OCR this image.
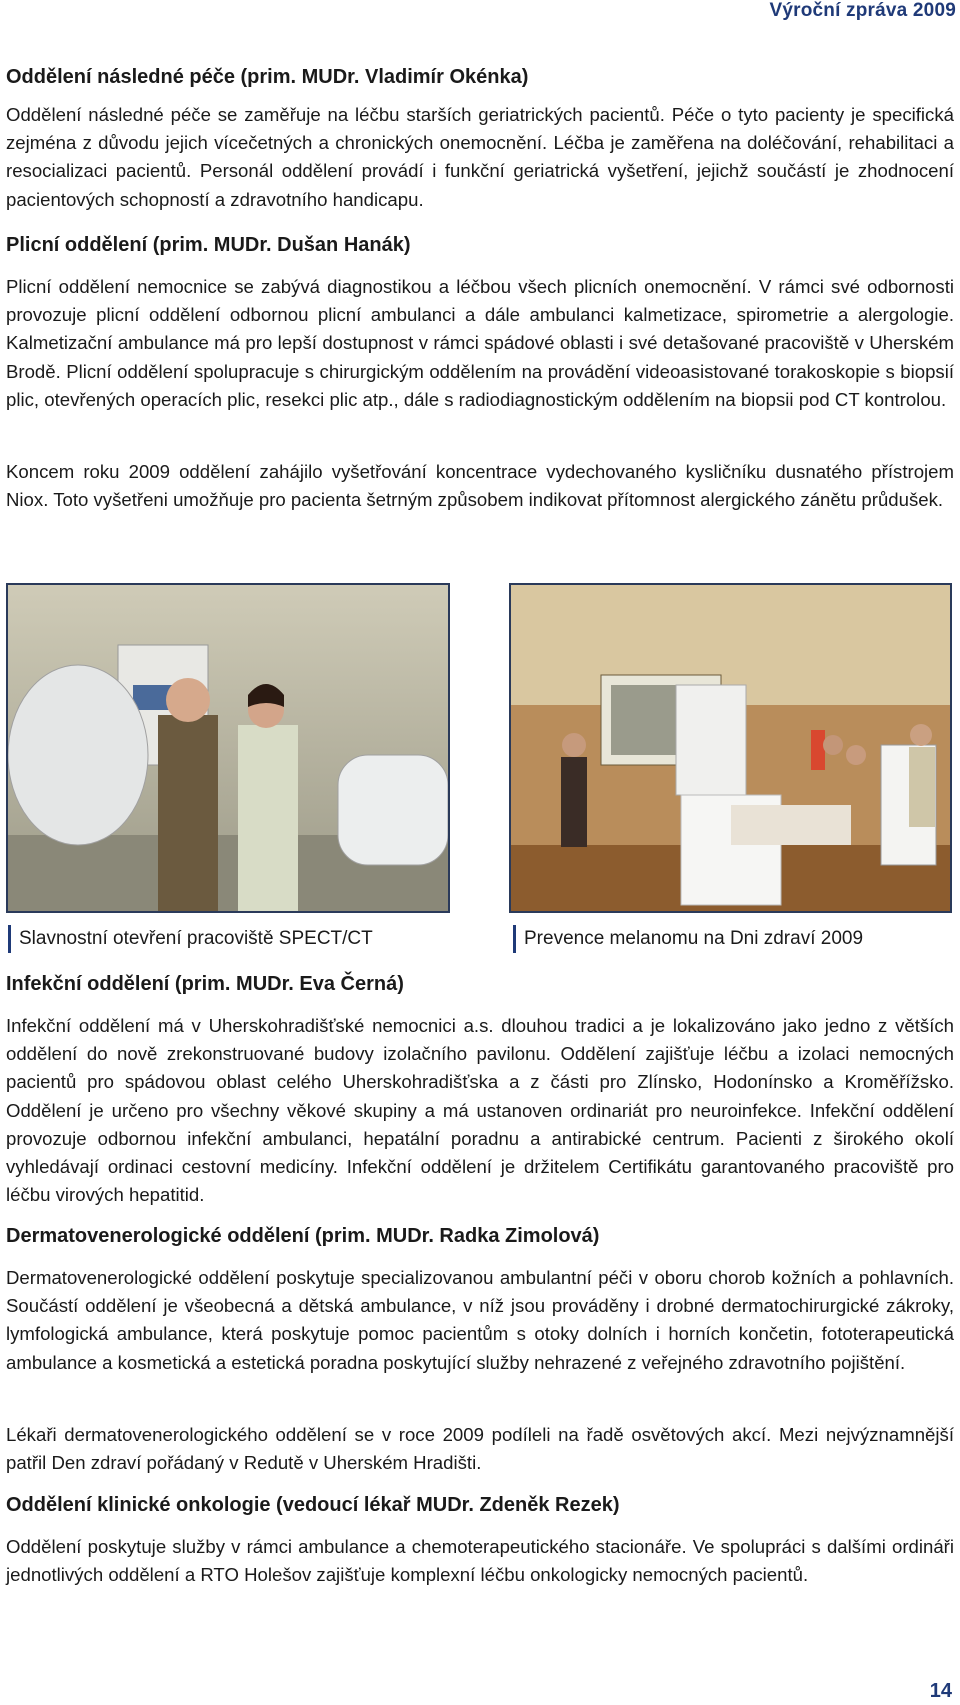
Výroční zpráva 2009
Oddělení následné péče (prim. MUDr. Vladimír Okénka)

Oddělení následné péče se zaměřuje na léčbu starších geriatrických pacientů. Péče o tyto pacienty je specifická zejména z důvodu jejich vícečetných a chronických onemocnění. Léčba je zaměřena na doléčování, rehabilitaci a resocializaci pacientů. Personál oddělení provádí i funkční geriatrická vyšetření, jejichž součástí je zhodnocení pacientových schopností a zdravotního handicapu.

Plicní oddělení (prim. MUDr. Dušan Hanák)

Plicní oddělení nemocnice se zabývá diagnostikou a léčbou všech plicních onemocnění. V rámci své odbornosti provozuje plicní oddělení odbornou plicní ambulanci a dále ambulanci kalmetizace, spirometrie a alergologie. Kalmetizační ambulance má pro lepší dostupnost v rámci spádové oblasti i své detašované pracoviště v Uherském Brodě. Plicní oddělení spolupracuje s chirurgickým oddělením na provádění videoasistované torakoskopie s biopsií plic, otevřených operacích plic, resekci plic atp., dále s radiodiagnostickým oddělením na biopsii pod CT kontrolou.

Koncem roku 2009 oddělení zahájilo vyšetřování koncentrace vydechovaného kysličníku dusnatého přístrojem Niox. Toto vyšetřeni umožňuje pro pacienta šetrným způsobem indikovat přítomnost alergického zánětu průdušek.

Slavnostní otevření pracoviště SPECT/CT	Prevence melanomu na Dni zdraví 2009
Infekční oddělení (prim. MUDr. Eva Černá)

Infekční oddělení má v Uherskohradišťské nemocnici a.s. dlouhou tradici a je lokalizováno jako jedno z větších oddělení do nově zrekonstruované budovy izolačního pavilonu. Oddělení zajišťuje léčbu a izolaci nemocných pacientů pro spádovou oblast celého Uherskohradišťska a z části pro Zlínsko, Hodonínsko a Kroměřížsko. Oddělení je určeno pro všechny věkové skupiny a má ustanoven ordinariát pro neuroinfekce. Infekční oddělení provozuje odbornou infekční ambulanci, hepatální poradnu a antirabické centrum. Pacienti z širokého okolí vyhledávají ordinaci cestovní medicíny. Infekční oddělení je držitelem Certifikátu garantovaného pracoviště pro léčbu virových hepatitid.

Dermatovenerologické oddělení (prim. MUDr. Radka Zimolová)

Dermatovenerologické oddělení poskytuje specializovanou ambulantní péči v oboru chorob kožních a pohlavních. Součástí oddělení je všeobecná a dětská ambulance, v níž jsou prováděny i drobné dermatochirurgické zákroky, lymfologická ambulance, která poskytuje pomoc pacientům s otoky dolních i horních končetin, fototerapeutická ambulance a kosmetická a estetická poradna poskytující služby nehrazené z veřejného zdravotního pojištění.

Lékaři dermatovenerologického oddělení se v roce 2009 podíleli na řadě osvětových akcí. Mezi nejvýznamnější patřil Den zdraví pořádaný v Redutě v Uherském Hradišti.

Oddělení klinické onkologie (vedoucí lékař MUDr. Zdeněk Rezek)

Oddělení poskytuje služby v rámci ambulance a chemoterapeutického stacionáře. Ve spolupráci s dalšími ordináři jednotlivých oddělení a RTO Holešov zajišťuje komplexní léčbu onkologicky nemocných pacientů.

14
